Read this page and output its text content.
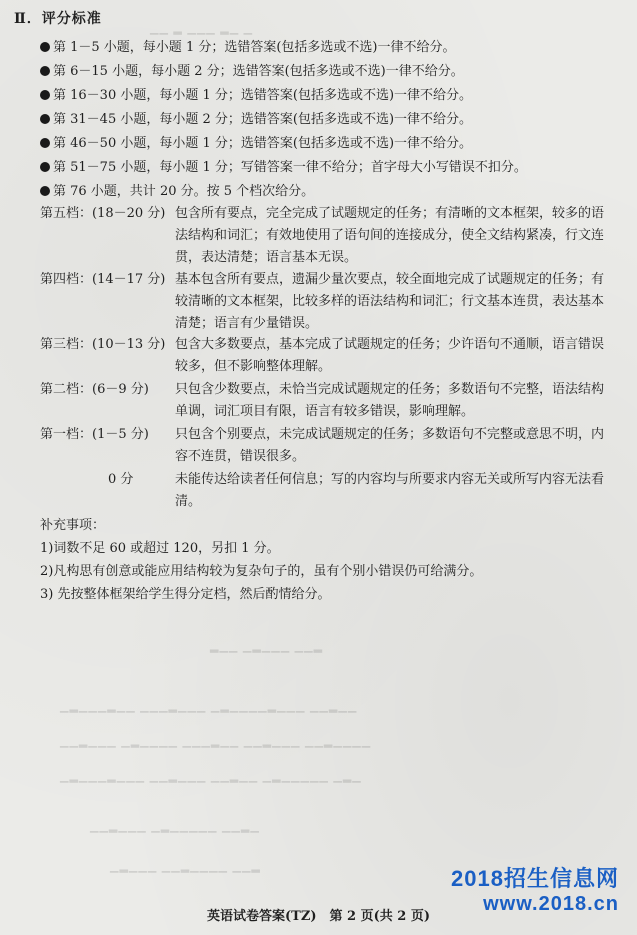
▁▁ ▂ ▁▁▁ ▂▁ ▁
▂▁▁ ▁▂▁▁▁ ▁▁▂
▁▂▁▁▁▂▁▁ ▁▁▁▂▁▁▁ ▁▂▁▁▁▁▂▁▁▁ ▁▁▂▁▁
▁▁▂▁▁▁ ▁▂▁▁▁▁ ▁▁▁▂▁▁ ▁▁▂▁▁▁ ▁▁▂▁▁▁▁
▁▂▁▁▁▂▁▁▁ ▁▁▂▁▁▁ ▁▁▂▁▁ ▁▂▁▁▁▁▁ ▁▂▁
▁▁▂▁▁▁ ▁▂▁▁▁▁▁ ▁▁▂▁
▁▂▁▁▁ ▁▁▂▁▁▁▁ ▁▁▂
Ⅱ．评分标准
第 1－5 小题，每小题 1 分；选错答案(包括多选或不选)一律不给分。
第 6－15 小题，每小题 2 分；选错答案(包括多选或不选)一律不给分。
第 16－30 小题，每小题 1 分；选错答案(包括多选或不选)一律不给分。
第 31－45 小题，每小题 2 分；选错答案(包括多选或不选)一律不给分。
第 46－50 小题，每小题 1 分；选错答案(包括多选或不选)一律不给分。
第 51－75 小题，每小题 1 分；写错答案一律不给分；首字母大小写错误不扣分。
第 76 小题，共计 20 分。按 5 个档次给分。
第五档：(18－20 分) 包含所有要点，完全完成了试题规定的任务；有清晰的文本框架，较多的语法结构和词汇；有效地使用了语句间的连接成分，使全文结构紧凑，行文连贯，表达清楚；语言基本无误。
第四档：(14－17 分) 基本包含所有要点，遗漏少量次要点，较全面地完成了试题规定的任务；有较清晰的文本框架，比较多样的语法结构和词汇；行文基本连贯，表达基本清楚；语言有少量错误。
第三档：(10－13 分) 包含大多数要点，基本完成了试题规定的任务；少许语句不通顺，语言错误较多，但不影响整体理解。
第二档：(6－9 分) 只包含少数要点，未恰当完成试题规定的任务；多数语句不完整，语法结构单调，词汇项目有限，语言有较多错误，影响理解。
第一档：(1－5 分) 只包含个别要点，未完成试题规定的任务；多数语句不完整或意思不明，内容不连贯，错误很多。
0 分	未能传达给读者任何信息；写的内容均与所要求内容无关或所写内容无法看清。
补充事项：
1)词数不足 60 或超过 120，另扣 1 分。
2)凡构思有创意或能应用结构较为复杂句子的，虽有个别小错误仍可给满分。
3) 先按整体框架给学生得分定档，然后酌情给分。
2018招生信息网
www.2018.cn
英语试卷答案(TZ)　第 2 页(共 2 页)
